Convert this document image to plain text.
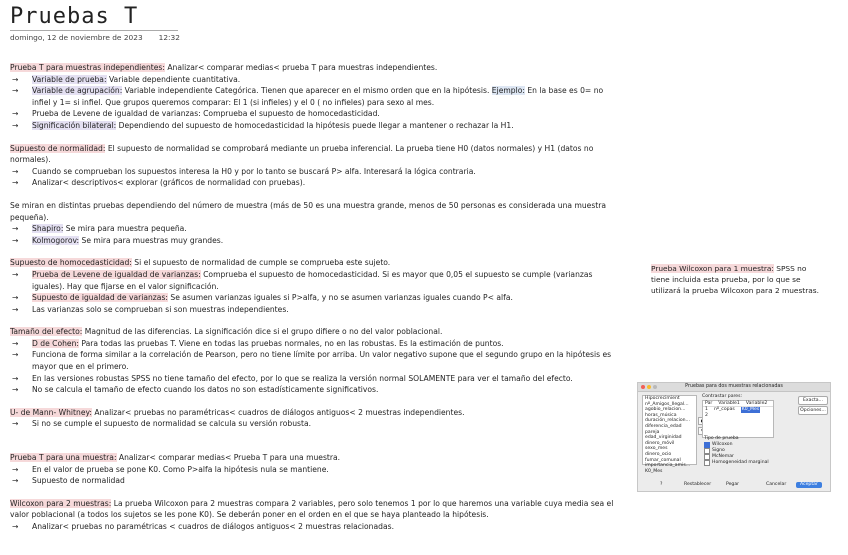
Pruebas T
domingo, 12 de noviembre de 2023 12:32

Prueba T para muestras independientes: Analizar< comparar medias< prueba T para muestras independientes.

→ Variable de prueba: Variable dependiente cuantitativa.

→ Variable de agrupación: Variable independiente Categórica. Tienen que aparecer en el mismo orden que en la hipótesis. Ejemplo: En la base es 0= no infiel y 1= si infiel. Que grupos queremos comparar: El 1 (si infieles) y el 0 ( no infieles) para sexo al mes.

→ Prueba de Levene de igualdad de varianzas: Comprueba el supuesto de homocedasticidad.

→ Significación bilateral: Dependiendo del supuesto de homocedasticidad la hipótesis puede llegar a mantener o rechazar la H1.

Supuesto de normalidad: El supuesto de normalidad se comprobará mediante un prueba inferencial. La prueba tiene H0 (datos normales) y H1 (datos no normales).

→ Cuando se comprueban los supuestos interesa la H0 y por lo tanto se buscará P> alfa. Interesará la lógica contraria.

→ Analizar< descriptivos< explorar (gráficos de normalidad con pruebas).

Se miran en distintas pruebas dependiendo del número de muestra (más de 50 es una muestra grande, menos de 50 personas es considerada una muestra pequeña).

→ Shapiro: Se mira para muestra pequeña.

→ Kolmogorov: Se mira para muestras muy grandes.

Supuesto de homocedasticidad: Si el supuesto de normalidad de cumple se comprueba este sujeto.

→ Prueba de Levene de igualdad de varianzas: Comprueba el supuesto de homocedasticidad. Si es mayor que 0,05 el supuesto se cumple (varianzas iguales). Hay que fijarse en el valor significación.

→ Supuesto de igualdad de varianzas: Se asumen varianzas iguales si P>alfa, y no se asumen varianzas iguales cuando P< alfa.

→ Las varianzas solo se comprueban si son muestras independientes.

Tamaño del efecto: Magnitud de las diferencias. La significación dice si el grupo difiere o no del valor poblacional.

→ D de Cohen: Para todas las pruebas T. Viene en todas las pruebas normales, no en las robustas. Es la estimación de puntos.

→ Funciona de forma similar a la correlación de Pearson, pero no tiene límite por arriba. Un valor negativo supone que el segundo grupo en la hipótesis es mayor que en el primero.

→ En las versiones robustas SPSS no tiene tamaño del efecto, por lo que se realiza la versión normal SOLAMENTE para ver el tamaño del efecto.

→ No se calcula el tamaño de efecto cuando los datos no son estadísticamente significativos.

U- de Mann- Whitney: Analizar< pruebas no paramétricas< cuadros de diálogos antiguos< 2 muestras independientes.

→ Si no se cumple el supuesto de normalidad se calcula su versión robusta.

Prueba T para una muestra: Analizar< comparar medias< Prueba T para una muestra.

→ En el valor de prueba se pone K0. Como P>alfa la hipótesis nula se mantiene.

→ Supuesto de normalidad

Wilcoxon para 2 muestras: La prueba Wilcoxon para 2 muestras compara 2 variables, pero solo tenemos 1 por lo que haremos una variable cuya media sea el valor poblacional (a todos los sujetos se les pone K0). Se deberán poner en el orden en el que se haya planteado la hipótesis.

→ Analizar< pruebas no paramétricas < cuadros de diálogos antiguos< 2 muestras relacionadas.

Prueba Wilcoxon para 1 muestra: SPSS no tiene incluida esta prueba, por lo que se utilizará la prueba Wilcoxon para 2 muestras.
Pruebas para dos muestras relacionadas
Hipocrecimient
nº_Amigos_Ilegal...
agobio_relacion...
horas_música
duración_relacion...
diferencia_edad
pareja
edad_virginidad
dinero_móvil
sexo_mes
dinero_ocio
fumar_comunal
importancia_amis...
K0_Mes
Contrastar pares:
Par Variable1 Variable2
1 nº_copas K0_Mes
2
Exacta...
Opciones...
Tipo de prueba
Wilcoxon
Signo
McNemar
Homogeneidad marginal
?	Restablecer	Pegar	Cancelar	Aceptar
